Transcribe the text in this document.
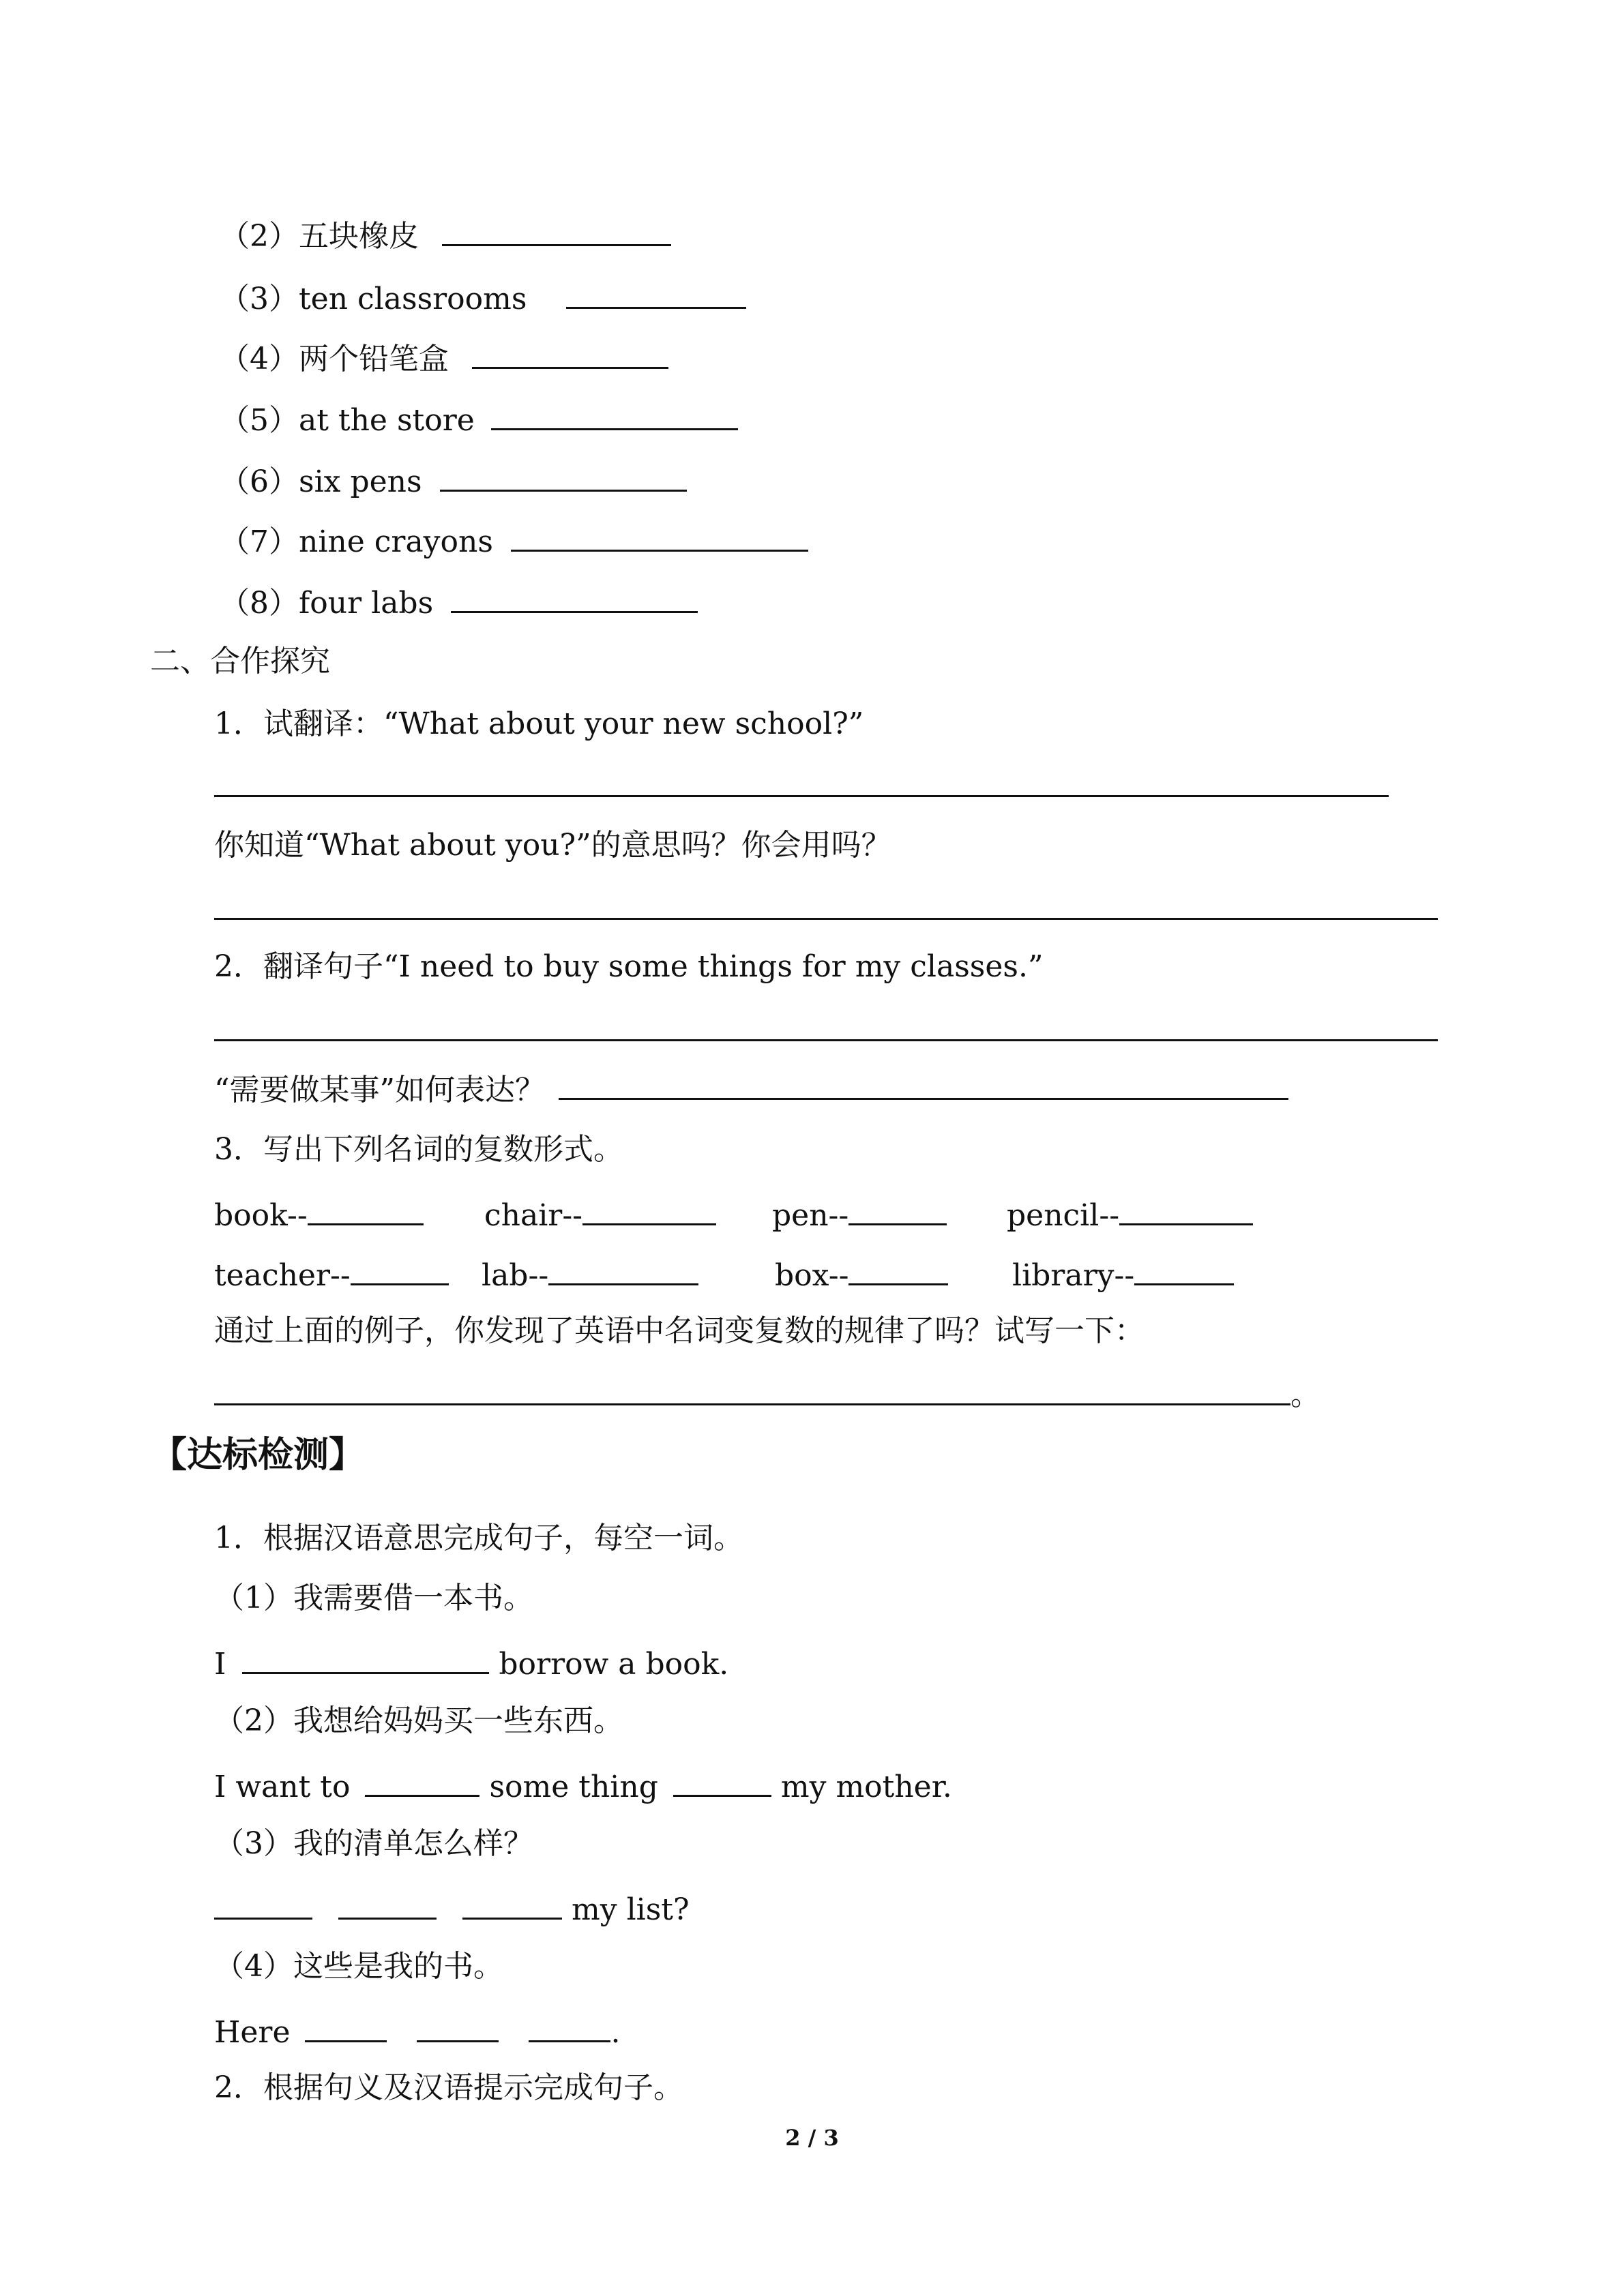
（2）五块橡皮
（3）ten classrooms
（4）两个铅笔盒
（5）at the store
（6）six pens
（7）nine crayons
（8）four labs
二、合作探究
1．试翻译：“What about your new school?”
你知道“What about you?”的意思吗？你会用吗？
2．翻译句子“I need to buy some things for my classes.”
“需要做某事”如何表达？
3．写出下列名词的复数形式。
book--	chair--	pen--	pencil--
teacher--	lab--	box--	library--
通过上面的例子，你发现了英语中名词变复数的规律了吗？试写一下：
。
【达标检测】
1．根据汉语意思完成句子，每空一词。
（1）我需要借一本书。
I	borrow a book.
（2）我想给妈妈买一些东西。
I want to	some thing	my mother.
（3）我的清单怎么样？
my list?
（4）这些是我的书。
Here	.
2．根据句义及汉语提示完成句子。
2 / 3
